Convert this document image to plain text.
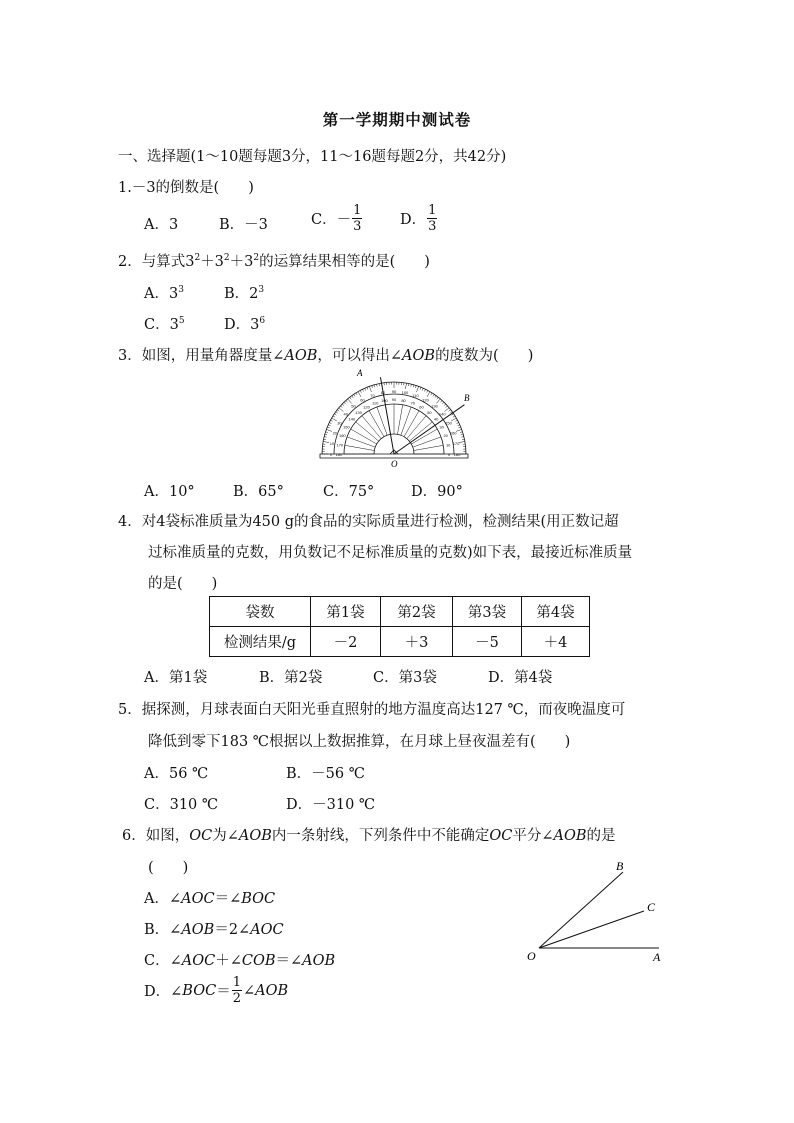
第一学期期中测试卷
一、选择题(1～10题每题3分，11～16题每题2分，共42分)
1.－3的倒数是(　　)
A．3	B．－3	C．－ $\frac{1}{3}$	D． $\frac{1}{3}$
2．与算式$3^2+3^2+3^2$的运算结果相等的是(　　)
A．$3^3$	B．$2^3$
C．$3^5$	D．$3^6$
3．如图，用量角器度量∠AOB，可以得出∠AOB的度数为(　　)
A
B
O
0	0
10	10
20
20
30
30
40
40
50
50
60
60
70
70
80
80
90
90
100
100
110
110
120
120	130
130	140
140
150
150
160
160
170
170
180
180
A．10°	B．65°	C．75°	D．90°
4．对4袋标准质量为450 g的食品的实际质量进行检测，检测结果(用正数记超
过标准质量的克数，用负数记不足标准质量的克数)如下表，最接近标准质量
的是(　　)
袋数	第1袋	第2袋	第3袋	第4袋
检测结果/g	－2	＋3	－5	＋4
A．第1袋	B．第2袋	C．第3袋	D．第4袋
5．据探测，月球表面白天阳光垂直照射的地方温度高达127 ℃，而夜晚温度可
降低到零下183 ℃根据以上数据推算，在月球上昼夜温差有(　　)
A．56 ℃	B．－56 ℃
C．310 ℃	D．－310 ℃
6．如图，OC为∠AOB内一条射线，下列条件中不能确定OC平分∠AOB的是
(　　)
A．∠AOC＝∠BOC
B．∠AOB＝2∠AOC
C．∠AOC＋∠COB＝∠AOB
D．∠ BOC ＝ $\frac{1}{2}$ ∠ AOB
B
C
O	A
